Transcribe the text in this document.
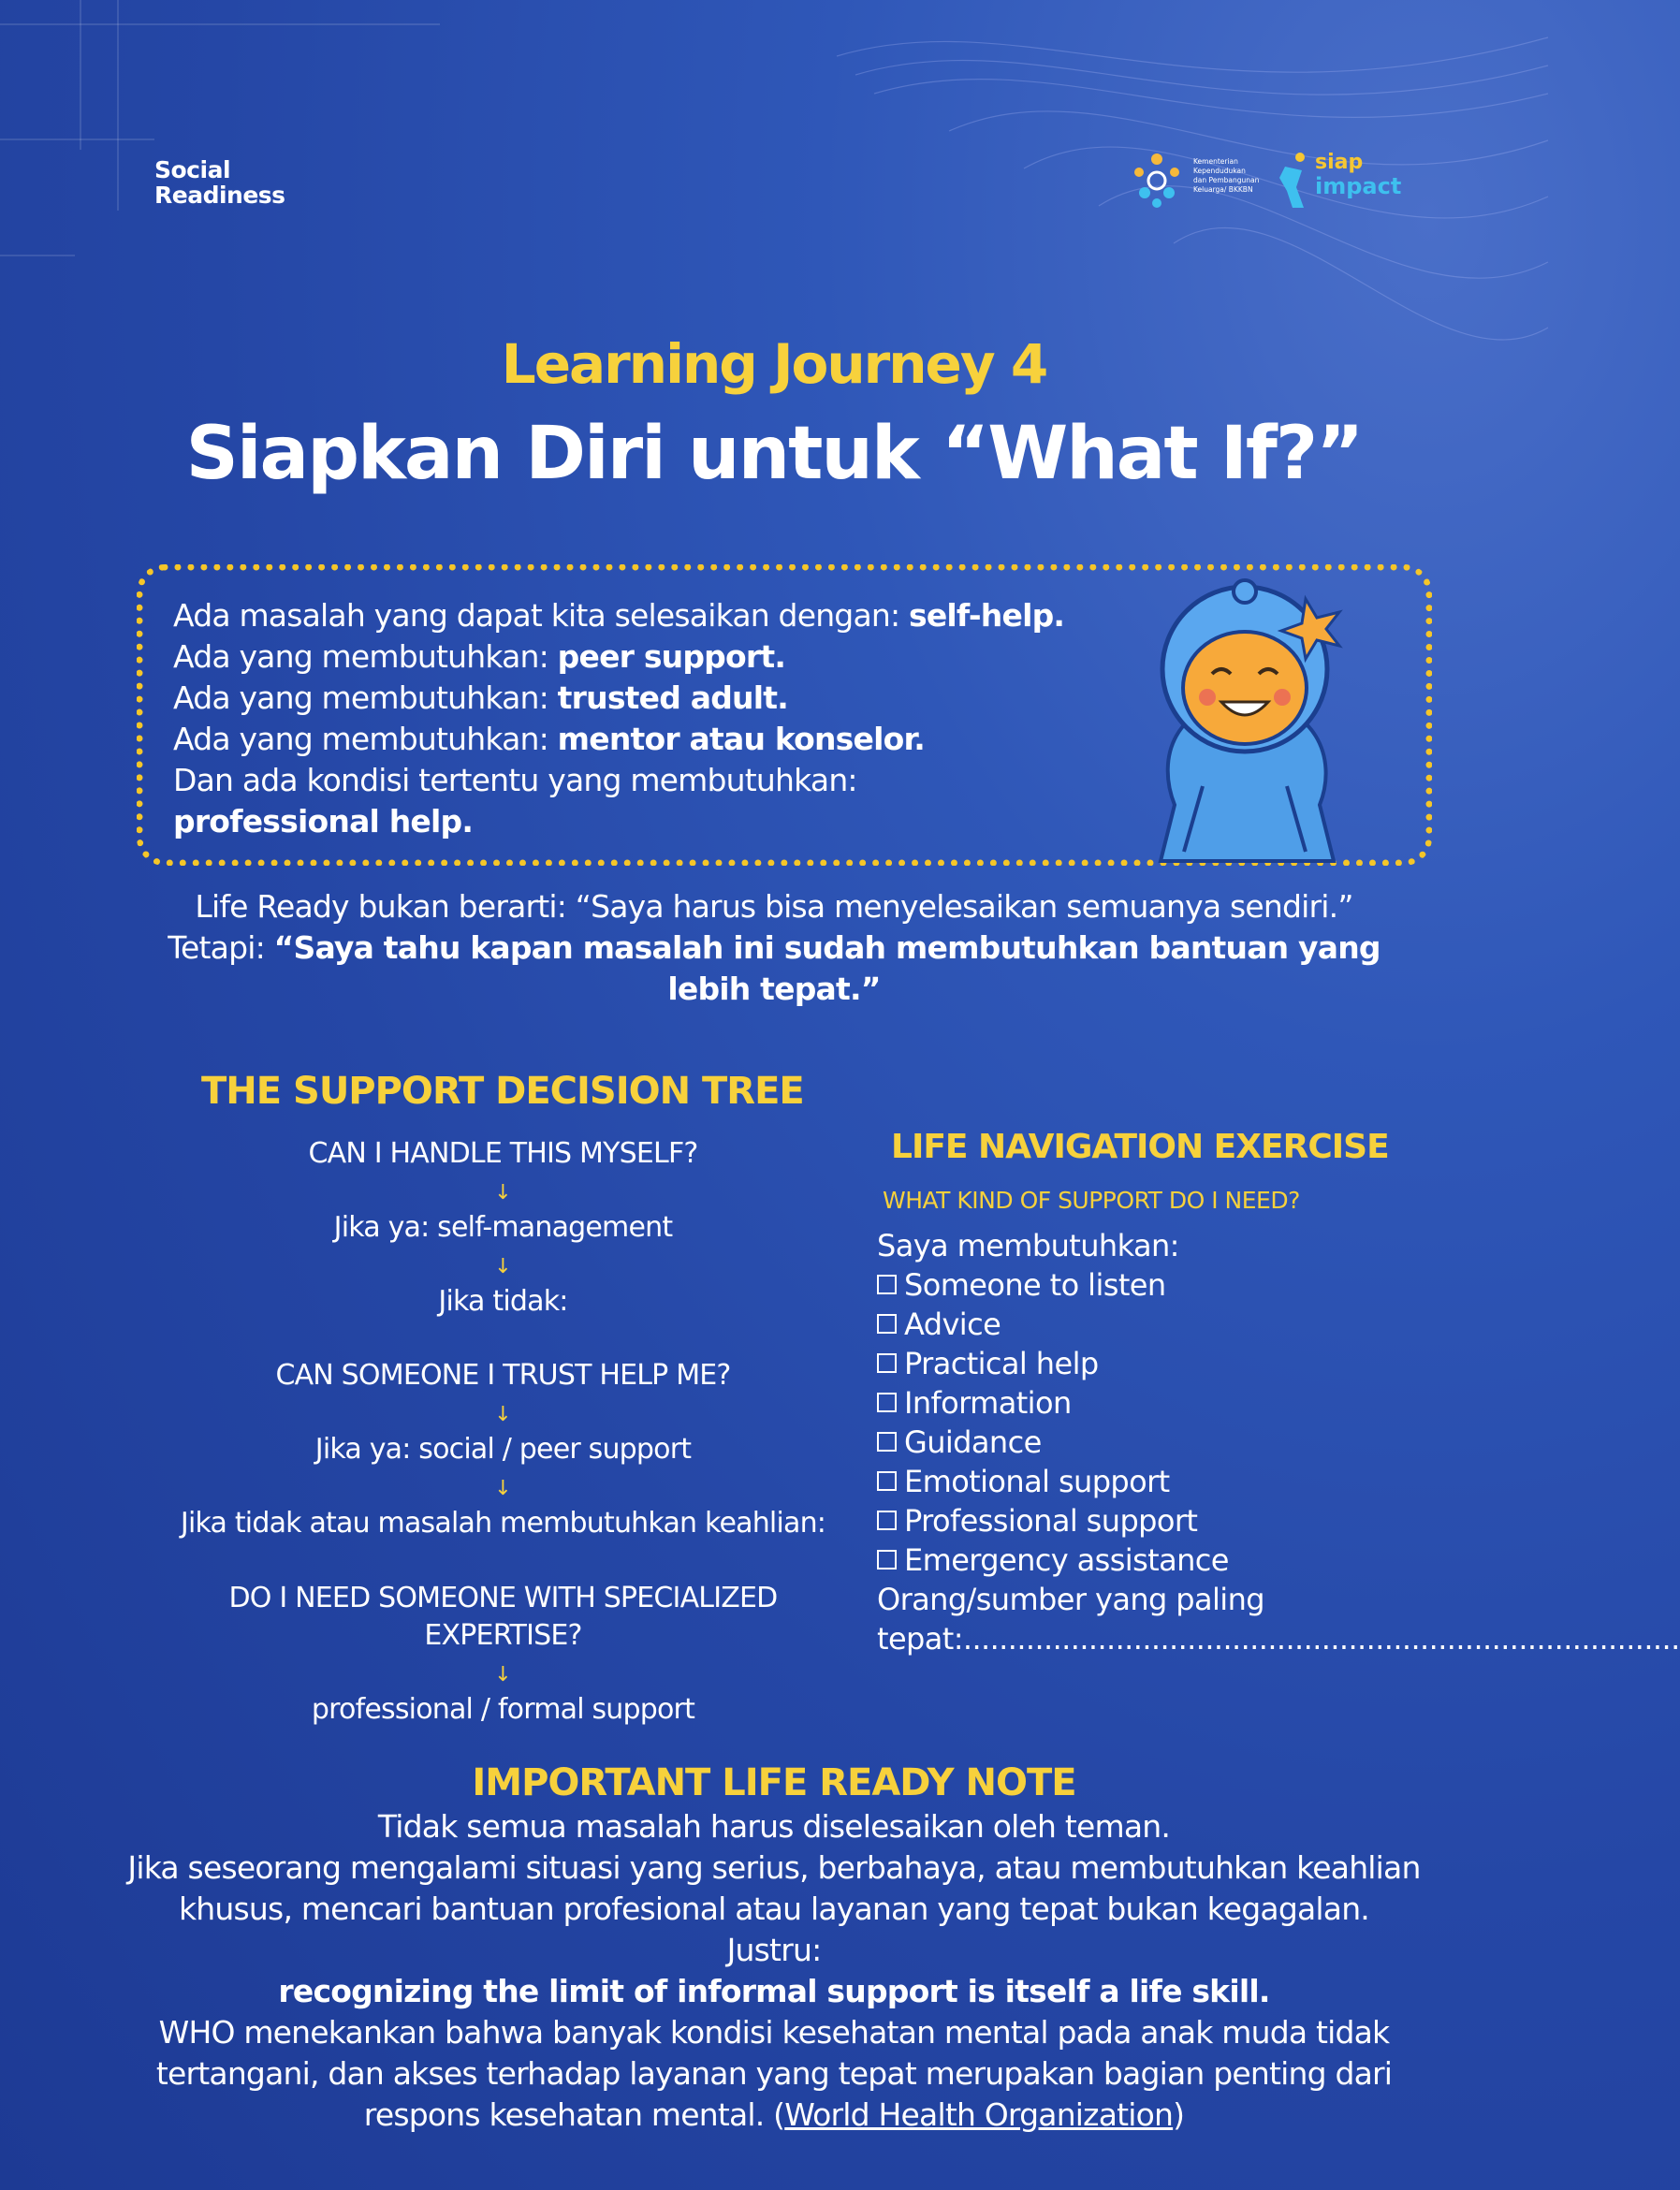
Social
Readiness
Kementerian
Kependudukan
dan Pembangunan
Keluarga/ BKKBN
siap
impact
Learning Journey 4
Siapkan Diri untuk “What If?”
Ada masalah yang dapat kita selesaikan dengan: self-help.
Ada yang membutuhkan: peer support.
Ada yang membutuhkan: trusted adult.
Ada yang membutuhkan: mentor atau konselor.
Dan ada kondisi tertentu yang membutuhkan:
professional help.
Life Ready bukan berarti: “Saya harus bisa menyelesaikan semuanya sendiri.”
Tetapi: “Saya tahu kapan masalah ini sudah membutuhkan bantuan yang
lebih tepat.”
THE SUPPORT DECISION TREE
CAN I HANDLE THIS MYSELF?
↓
Jika ya: self-management
↓
Jika tidak:
CAN SOMEONE I TRUST HELP ME?
↓
Jika ya: social / peer support
↓
Jika tidak atau masalah membutuhkan keahlian:
DO I NEED SOMEONE WITH SPECIALIZED
EXPERTISE?
↓
professional / formal support
LIFE NAVIGATION EXERCISE
WHAT KIND OF SUPPORT DO I NEED?
Saya membutuhkan:
Someone to listen
Advice
Practical help
Information
Guidance
Emotional support
Professional support
Emergency assistance
Orang/sumber yang paling
tepat:................................................................................
IMPORTANT LIFE READY NOTE
Tidak semua masalah harus diselesaikan oleh teman.
Jika seseorang mengalami situasi yang serius, berbahaya, atau membutuhkan keahlian
khusus, mencari bantuan profesional atau layanan yang tepat bukan kegagalan.
Justru:
recognizing the limit of informal support is itself a life skill.
WHO menekankan bahwa banyak kondisi kesehatan mental pada anak muda tidak
tertangani, dan akses terhadap layanan yang tepat merupakan bagian penting dari
respons kesehatan mental. (World Health Organization)
